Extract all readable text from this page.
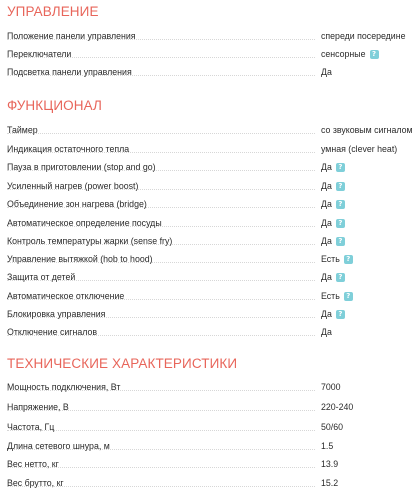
УПРАВЛЕНИЕ
Положение панели управления	спереди посередине
Переключатели	сенсорные ?
Подсветка панели управления	Да
ФУНКЦИОНАЛ
Таймер	со звуковым сигналом
Индикация остаточного тепла	умная (clever heat)
Пауза в приготовлении (stop and go)	Да ?
Усиленный нагрев (power boost)	Да ?
Объединение зон нагрева (bridge)	Да ?
Автоматическое определение посуды	Да ?
Контроль температуры жарки (sense fry)	Да ?
Управление вытяжкой (hob to hood)	Есть ?
Защита от детей	Да ?
Автоматическое отключение	Есть ?
Блокировка управления	Да ?
Отключение сигналов	Да
ТЕХНИЧЕСКИЕ ХАРАКТЕРИСТИКИ
Мощность подключения, Вт	7000
Напряжение, В	220-240
Частота, Гц	50/60
Длина сетевого шнура, м	1.5
Вес нетто, кг	13.9
Вес брутто, кг	15.2
